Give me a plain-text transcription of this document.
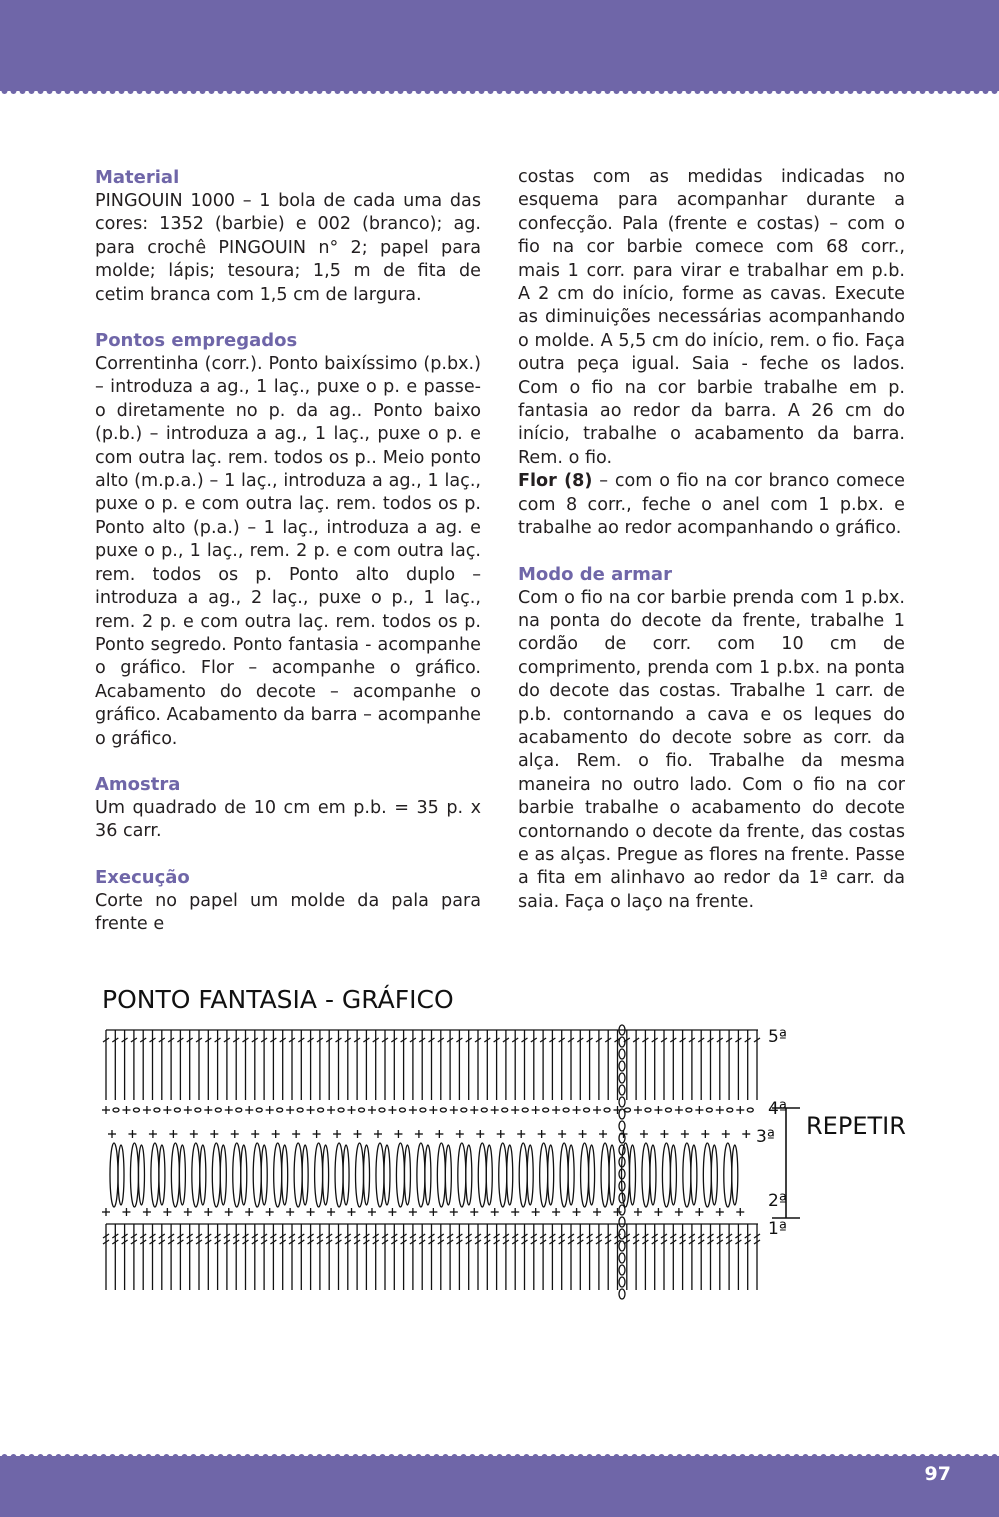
Material

PINGOUIN 1000 – 1 bola de cada uma das cores: 1352 (barbie) e 002 (branco); ag. para crochê PINGOUIN n° 2; papel para molde; lápis; tesoura; 1,5 m de fita de cetim branca com 1,5 cm de largura.

Pontos empregados

Correntinha (corr.). Ponto baixíssimo (p.bx.) – introduza a ag., 1 laç., puxe o p. e passe-o diretamente no p. da ag.. Ponto baixo (p.b.) – introduza a ag., 1 laç., puxe o p. e com outra laç. rem. todos os p.. Meio ponto alto (m.p.a.) – 1 laç., introduza a ag., 1 laç., puxe o p. e com outra laç. rem. todos os p. Ponto alto (p.a.) – 1 laç., introduza a ag. e puxe o p., 1 laç., rem. 2 p. e com outra laç. rem. todos os p. Ponto alto duplo – introduza a ag., 2 laç., puxe o p., 1 laç., rem. 2 p. e com outra laç. rem. todos os p. Ponto segredo. Ponto fantasia - acompanhe o gráfico. Flor – acompanhe o gráfico. Acabamento do decote – acompanhe o gráfico. Acabamento da barra – acompanhe o gráfico.

Amostra

Um quadrado de 10 cm em p.b. = 35 p. x 36 carr.

Execução

Corte no papel um molde da pala para frente e

costas com as medidas indicadas no esquema para acompanhar durante a confecção. Pala (frente e costas) – com o fio na cor barbie comece com 68 corr., mais 1 corr. para virar e trabalhar em p.b. A 2 cm do início, forme as cavas. Execute as diminuições necessárias acompanhando o molde. A 5,5 cm do início, rem. o fio. Faça outra peça igual. Saia - feche os lados. Com o fio na cor barbie trabalhe em p. fantasia ao redor da barra. A 26 cm do início, trabalhe o acabamento da barra. Rem. o fio.

Flor (8) – com o fio na cor branco comece com 8 corr., feche o anel com 1 p.bx. e trabalhe ao redor acompanhando o gráfico.

Modo de armar

Com o fio na cor barbie prenda com 1 p.bx. na ponta do decote da frente, trabalhe 1 cordão de corr. com 10 cm de comprimento, prenda com 1 p.bx. na ponta do decote das costas. Trabalhe 1 carr. de p.b. contornando a cava e os leques do acabamento do decote sobre as corr. da alça. Rem. o fio. Trabalhe da mesma maneira no outro lado. Com o fio na cor barbie trabalhe o acabamento do decote contornando o decote da frente, das costas e as alças. Pregue as flores na frente. Passe a fita em alinhavo ao redor da 1ª carr. da saia. Faça o laço na frente.

PONTO FANTASIA - GRÁFICO
5ª
4ª
3ª
2ª
1ª
REPETIR
97
